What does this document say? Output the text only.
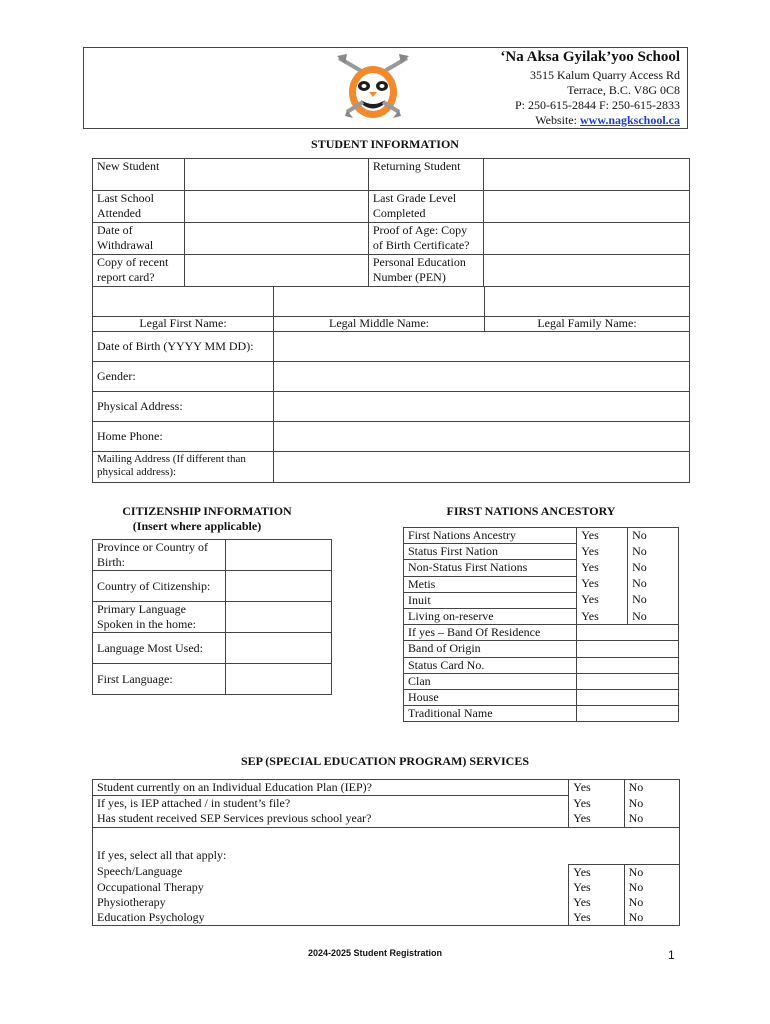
‘Na Aksa Gyilak’yoo School
3515 Kalum Quarry Access Rd
Terrace, B.C. V8G 0C8
P: 250-615-2844 F: 250-615-2833
Website: www.nagkschool.ca
STUDENT INFORMATION
New Student		Returning Student	
Last School Attended		Last Grade Level Completed	
Date of Withdrawal		Proof of Age: Copy of Birth Certificate?	
Copy of recent report card?		Personal Education Number (PEN)	

Legal First Name:	Legal Middle Name:	Legal Family Name:
Date of Birth (YYYY MM DD):		
Gender:		
Physical Address:		
Home Phone:		
Mailing Address (If different than physical address):		
CITIZENSHIP INFORMATION
(Insert where applicable)
Province or Country of Birth:	
Country of Citizenship:	
Primary Language Spoken in the home:	
Language Most Used:	
First Language:	
FIRST NATIONS ANCESTORY
First Nations Ancestry	Yes	No
Status First Nation	Yes	No
Non-Status First Nations	Yes	No
Metis	Yes	No
Inuit	Yes	No
Living on-reserve	Yes	No
If yes – Band Of Residence		
Band of Origin		
Status Card No.		
Clan		
House		
Traditional Name		
SEP (SPECIAL EDUCATION PROGRAM) SERVICES
Student currently on an Individual Education Plan (IEP)?	Yes	No
If yes, is IEP attached / in student’s file?	Yes	No
Has student received SEP Services previous school year?	Yes	No
If yes, select all that apply:		
Speech/Language	Yes	No
Occupational Therapy	Yes	No
Physiotherapy	Yes	No
Education Psychology	Yes	No
2024-2025 Student Registration	1
